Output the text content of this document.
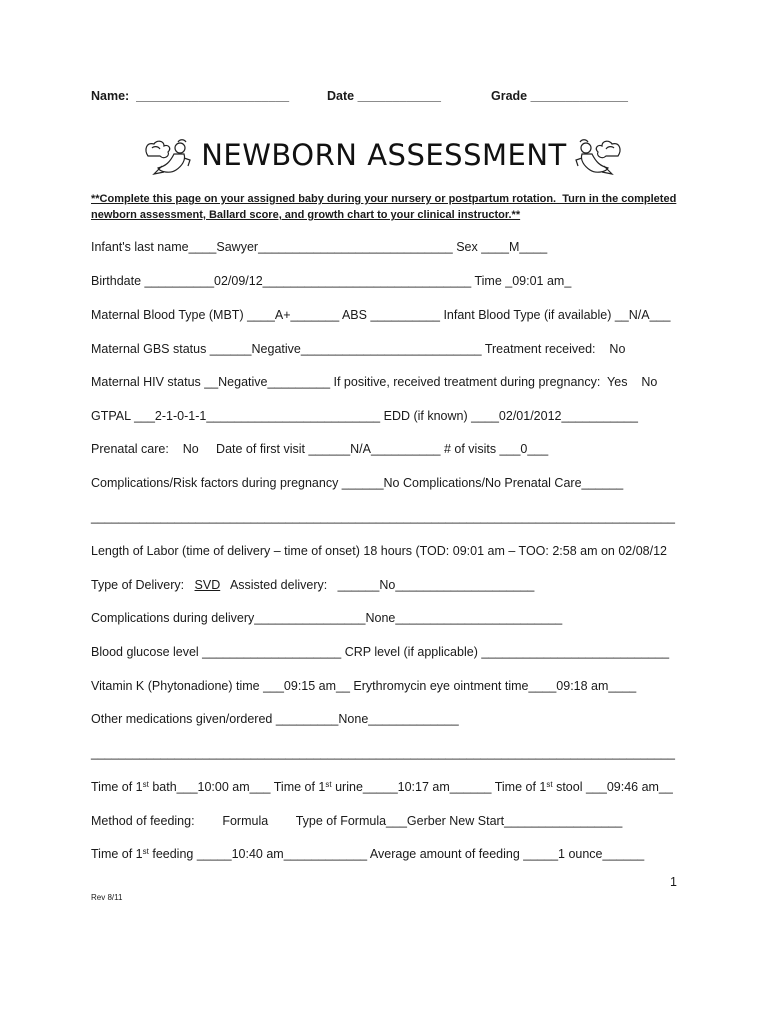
Name:  ______________________

	Date ____________

	Grade ______________

NEWBORN ASSESSMENT

**Complete this page on your assigned baby during your nursery or postpartum rotation.  Turn in the completed

newborn assessment, Ballard score, and growth chart to your clinical instructor.**

Infant's last name____Sawyer____________________________ Sex ____M____
Birthdate __________02/09/12______________________________ Time _09:01 am_
Maternal Blood Type (MBT) ____A+_______ ABS __________ Infant Blood Type (if available) __N/A___
Maternal GBS status ______Negative__________________________ Treatment received:    No
Maternal HIV status __Negative_________ If positive, received treatment during pregnancy:  Yes    No
GTPAL ___2-1-0-1-1_________________________ EDD (if known) ____02/01/2012___________
Prenatal care:    No     Date of first visit ______N/A__________ # of visits ___0___
Complications/Risk factors during pregnancy ______No Complications/No Prenatal Care______
____________________________________________________________________________________
Length of Labor (time of delivery – time of onset) 18 hours (TOD: 09:01 am – TOO: 2:58 am on 02/08/12
Type of Delivery:   SVD   Assisted delivery:   ______No____________________
Complications during delivery________________None________________________
Blood glucose level ____________________ CRP level (if applicable) ___________________________
Vitamin K (Phytonadione) time ___09:15 am__ Erythromycin eye ointment time____09:18 am____
Other medications given/ordered _________None_____________
____________________________________________________________________________________
Time of 1st bath___10:00 am___ Time of 1st urine_____10:17 am______ Time of 1st stool ___09:46 am__
Method of feeding:        Formula        Type of Formula___Gerber New Start_________________
Time of 1st feeding _____10:40 am____________ Average amount of feeding _____1 ounce______
1
Rev 8/11
